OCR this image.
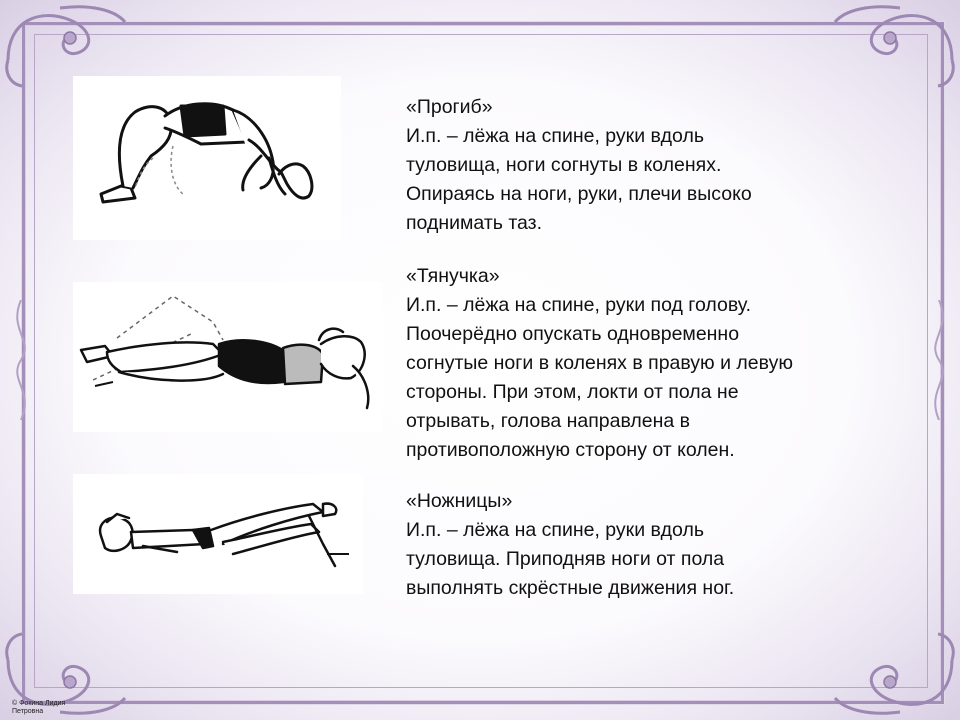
«Прогиб»

И.п. – лёжа на спине, руки вдоль

туловища, ноги согнуты в коленях.

Опираясь на ноги, руки, плечи высоко

поднимать таз.

«Тянучка»

И.п. – лёжа на спине, руки под голову.

Поочерёдно опускать одновременно

согнутые ноги в коленях в правую и левую

стороны. При этом, локти от пола не

отрывать, голова направлена в

противоположную сторону от колен.

«Ножницы»

И.п. – лёжа на спине, руки вдоль

туловища. Приподняв ноги от пола

выполнять скрёстные движения ног.

© Фокина Лидия
Петровна
